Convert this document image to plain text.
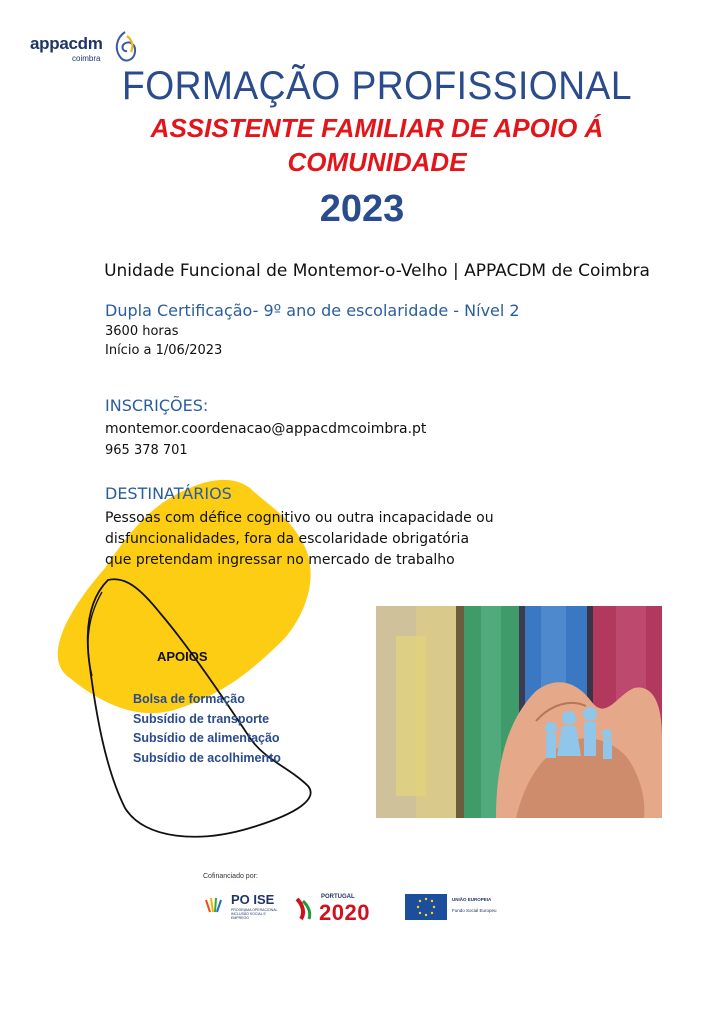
appacdm
coimbra
FORMAÇÃO PROFISSIONAL
ASSISTENTE FAMILIAR DE APOIO Á
COMUNIDADE
2023
Unidade Funcional de Montemor-o-Velho | APPACDM de Coimbra
Dupla Certificação- 9º ano de escolaridade - Nível 2
3600 horas
Início a 1/06/2023
INSCRIÇÕES:
montemor.coordenacao@appacdmcoimbra.pt
965 378 701
DESTINATÁRIOS
Pessoas com défice cognitivo ou outra incapacidade ou
disfuncionalidades, fora da escolaridade obrigatória
que pretendam ingressar no mercado de trabalho
APOIOS
Bolsa de formação
Subsídio de transporte
Subsídio de alimentação
Subsídio de acolhimento
Cofinanciado por:
PO ISE
PROGRAMA OPERACIONAL INCLUSÃO SOCIAL E EMPREGO
PORTUGAL
2020
UNIÃO EUROPEIA
Fundo Social Europeu
